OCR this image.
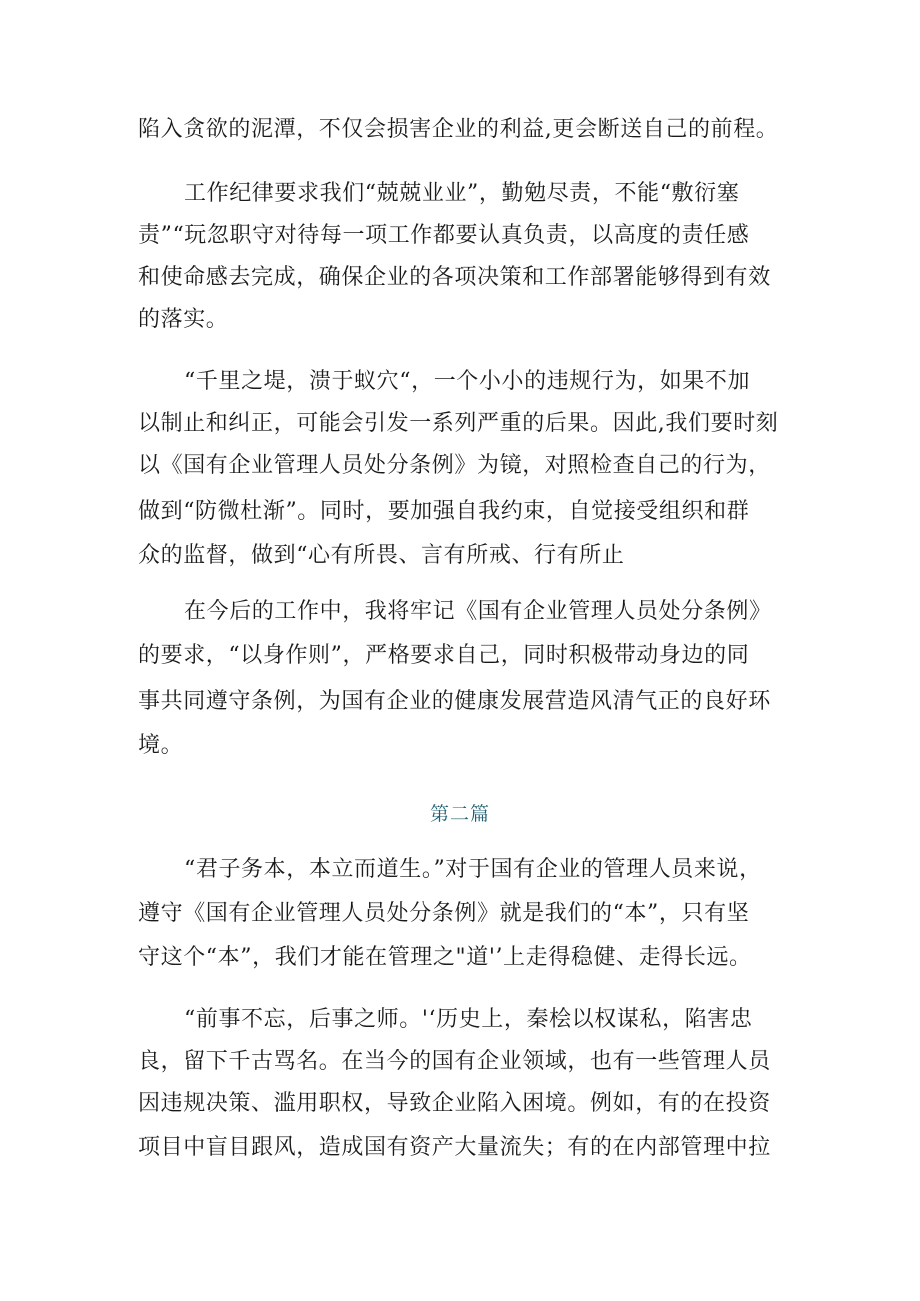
陷入贪欲的泥潭，不仅会损害企业的利益,更会断送自己的前程。
工作纪律要求我们“兢兢业业”，勤勉尽责，不能“敷衍塞
责”“玩忽职守对待每一项工作都要认真负责，以高度的责任感
和使命感去完成，确保企业的各项决策和工作部署能够得到有效
的落实。
“千里之堤，溃于蚁穴“，一个小小的违规行为，如果不加
以制止和纠正，可能会引发一系列严重的后果。因此,我们要时刻
以《国有企业管理人员处分条例》为镜，对照检查自己的行为，
做到“防微杜渐”。同时，要加强自我约束，自觉接受组织和群
众的监督，做到“心有所畏、言有所戒、行有所止
在今后的工作中，我将牢记《国有企业管理人员处分条例》
的要求，“以身作则”，严格要求自己，同时积极带动身边的同
事共同遵守条例，为国有企业的健康发展营造风清气正的良好环
境。
第二篇
“君子务本，本立而道生。”对于国有企业的管理人员来说，
遵守《国有企业管理人员处分条例》就是我们的“本”，只有坚
守这个“本”，我们才能在管理之"道'’上走得稳健、走得长远。
“前事不忘，后事之师。'‘历史上，秦桧以权谋私，陷害忠
良，留下千古骂名。在当今的国有企业领域，也有一些管理人员
因违规决策、滥用职权，导致企业陷入困境。例如，有的在投资
项目中盲目跟风，造成国有资产大量流失；有的在内部管理中拉
